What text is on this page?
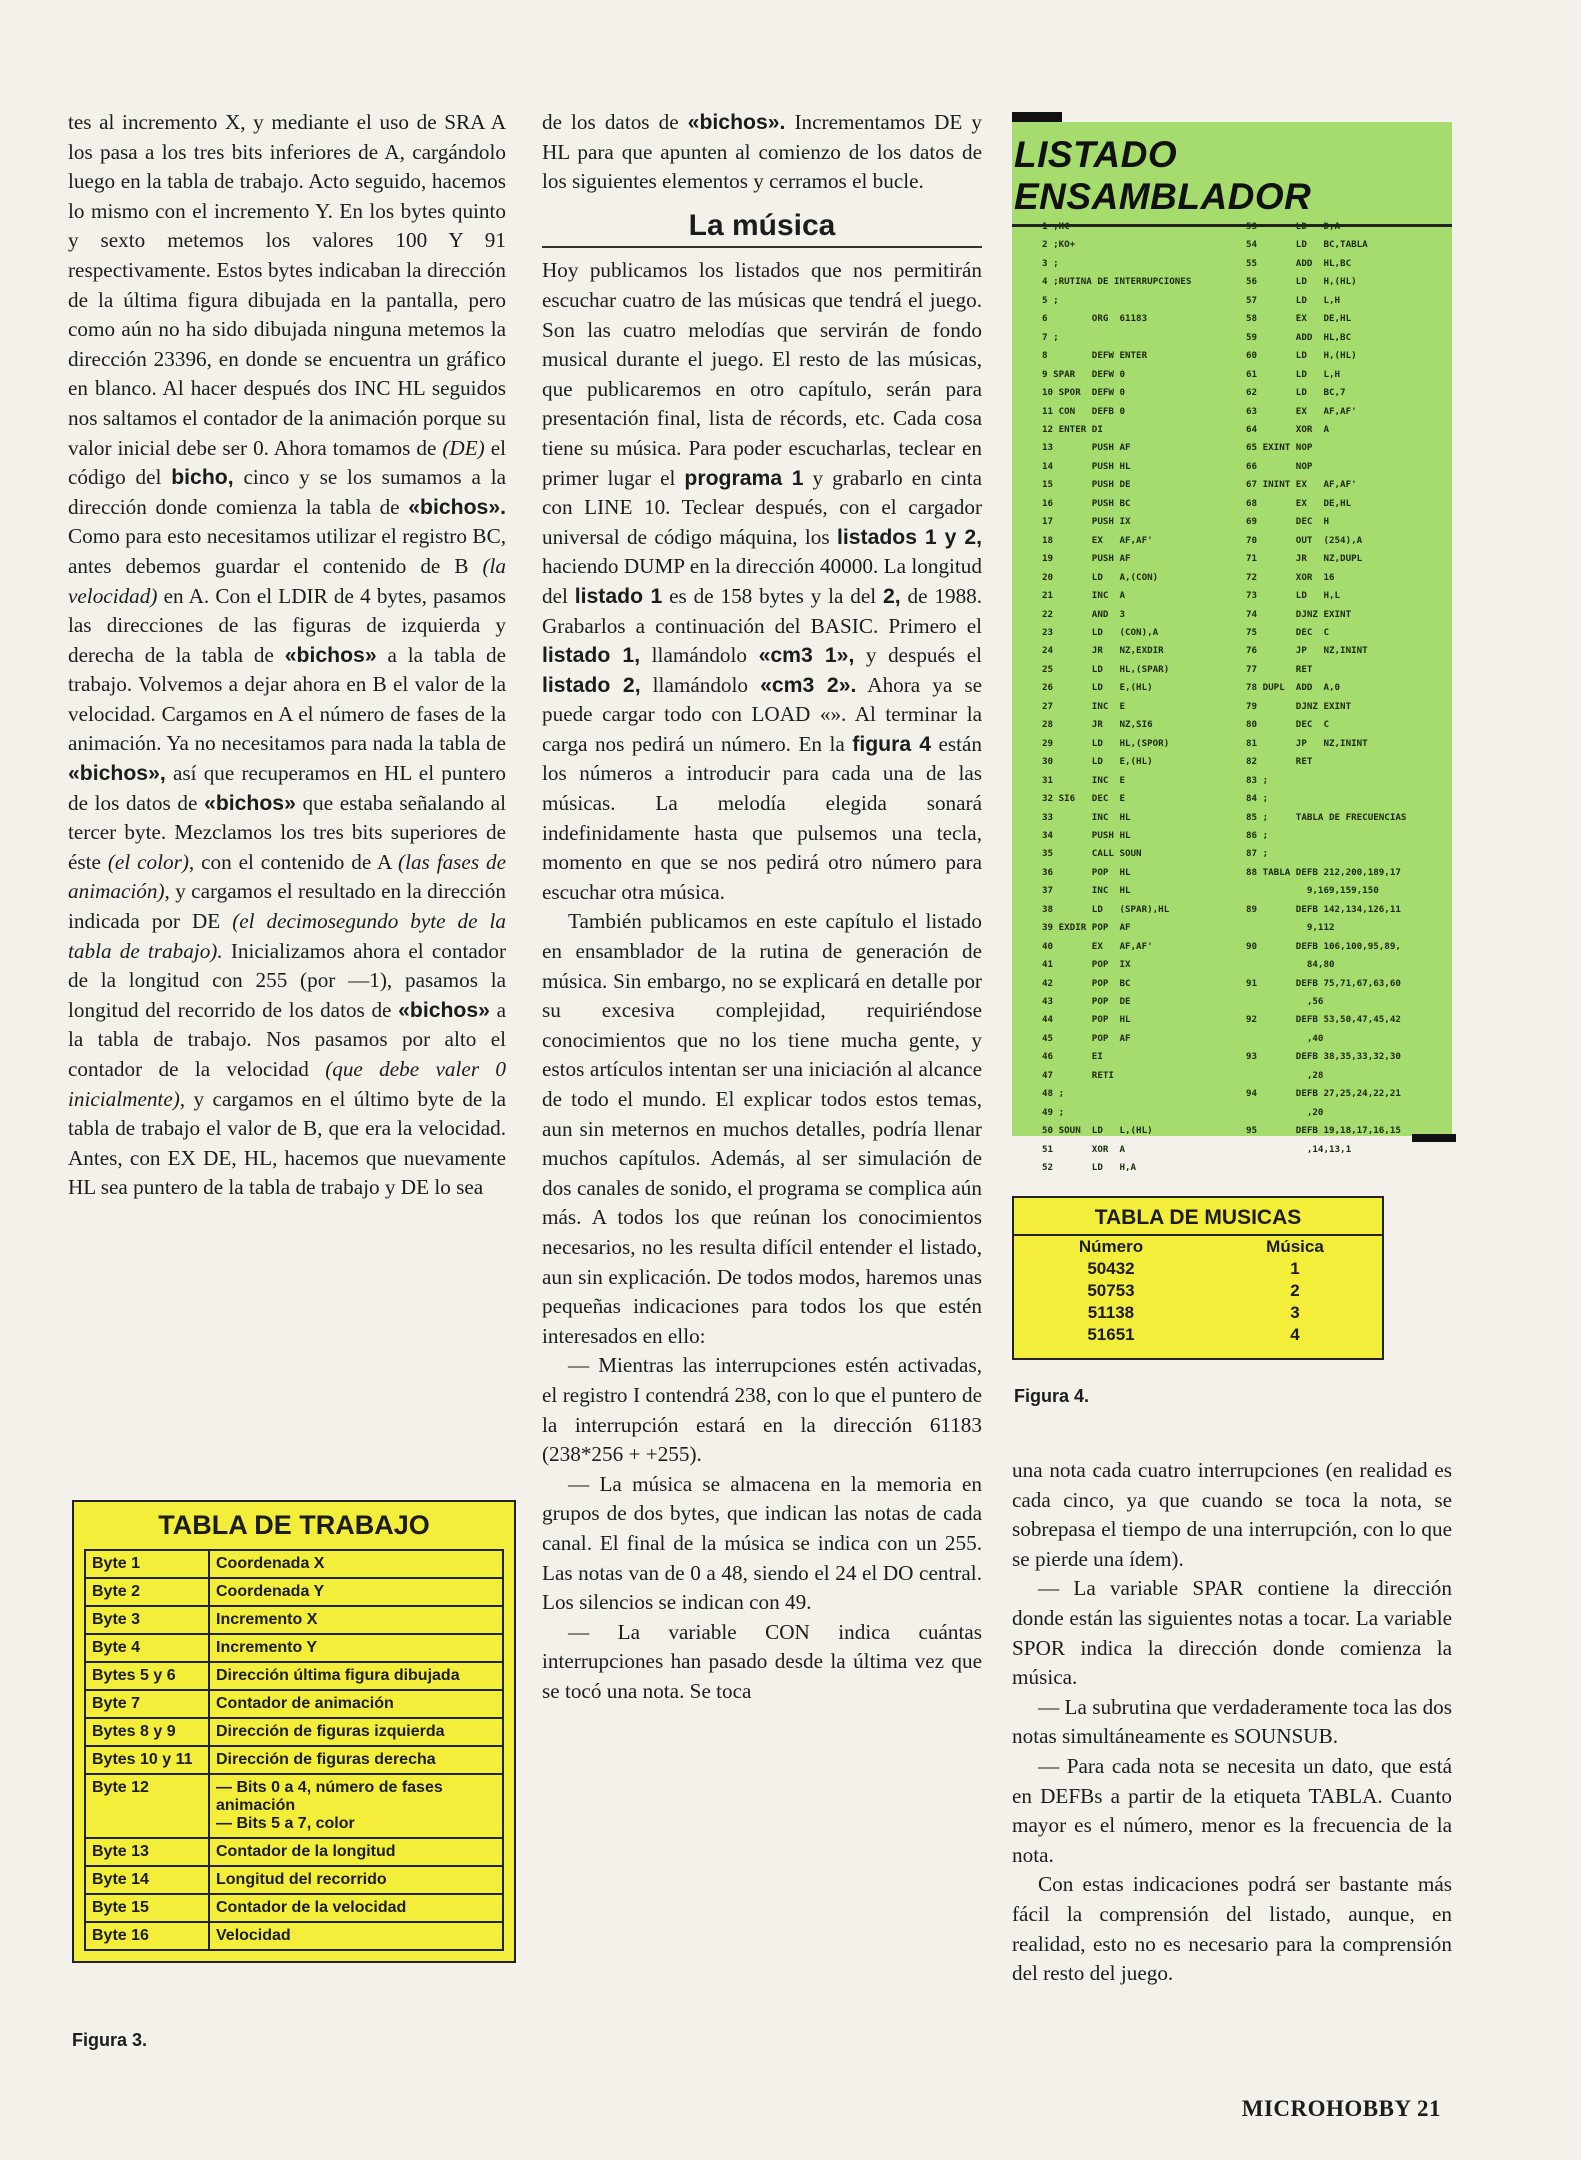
tes al incremento X, y mediante el uso de SRA A los pasa a los tres bits inferiores de A, cargándolo luego en la tabla de trabajo. Acto seguido, hacemos lo mismo con el incremento Y. En los bytes quinto y sexto metemos los valores 100 Y 91 respectivamente. Estos bytes indicaban la dirección de la última figura dibujada en la pantalla, pero como aún no ha sido dibujada ninguna metemos la dirección 23396, en donde se encuentra un gráfico en blanco. Al hacer después dos INC HL seguidos nos saltamos el contador de la animación porque su valor inicial debe ser 0. Ahora tomamos de (DE) el código del bicho, cinco y se los sumamos a la dirección donde comienza la tabla de «bichos». Como para esto necesitamos utilizar el registro BC, antes debemos guardar el contenido de B (la velocidad) en A. Con el LDIR de 4 bytes, pasamos las direcciones de las figuras de izquierda y derecha de la tabla de «bichos» a la tabla de trabajo. Volvemos a dejar ahora en B el valor de la velocidad. Cargamos en A el número de fases de la animación. Ya no necesitamos para nada la tabla de «bichos», así que recuperamos en HL el puntero de los datos de «bichos» que estaba señalando al tercer byte. Mezclamos los tres bits superiores de éste (el color), con el contenido de A (las fases de animación), y cargamos el resultado en la dirección indicada por DE (el decimosegundo byte de la tabla de trabajo). Inicializamos ahora el contador de la longitud con 255 (por —1), pasamos la longitud del recorrido de los datos de «bichos» a la tabla de trabajo. Nos pasamos por alto el contador de la velocidad (que debe valer 0 inicialmente), y cargamos en el último byte de la tabla de trabajo el valor de B, que era la velocidad. Antes, con EX DE, HL, hacemos que nuevamente HL sea puntero de la tabla de trabajo y DE lo sea

TABLA DE TRABAJO
Byte 1	Coordenada X
Byte 2	Coordenada Y
Byte 3	Incremento X
Byte 4	Incremento Y
Bytes 5 y 6	Dirección última figura dibujada
Byte 7	Contador de animación
Bytes 8 y 9	Dirección de figuras izquierda
Bytes 10 y 11	Dirección de figuras derecha
Byte 12	— Bits 0 a 4, número de fases animación
— Bits 5 a 7, color
Byte 13	Contador de la longitud
Byte 14	Longitud del recorrido
Byte 15	Contador de la velocidad
Byte 16	Velocidad
Figura 3.

de los datos de «bichos». Incrementamos DE y HL para que apunten al comienzo de los datos de los siguientes elementos y cerramos el bucle.

La música

Hoy publicamos los listados que nos permitirán escuchar cuatro de las músicas que tendrá el juego. Son las cuatro melodías que servirán de fondo musical durante el juego. El resto de las músicas, que publicaremos en otro capítulo, serán para presentación final, lista de récords, etc. Cada cosa tiene su música. Para poder escucharlas, teclear en primer lugar el programa 1 y grabarlo en cinta con LINE 10. Teclear después, con el cargador universal de código máquina, los listados 1 y 2, haciendo DUMP en la dirección 40000. La longitud del listado 1 es de 158 bytes y la del 2, de 1988. Grabarlos a continuación del BASIC. Primero el listado 1, llamándolo «cm3 1», y después el listado 2, llamándolo «cm3 2». Ahora ya se puede cargar todo con LOAD «». Al terminar la carga nos pedirá un número. En la figura 4 están los números a introducir para cada una de las músicas. La melodía elegida sonará indefinidamente hasta que pulsemos una tecla, momento en que se nos pedirá otro número para escuchar otra música.

También publicamos en este capítulo el listado en ensamblador de la rutina de generación de música. Sin embargo, no se explicará en detalle por su excesiva complejidad, requiriéndose conocimientos que no los tiene mucha gente, y estos artículos intentan ser una iniciación al alcance de todo el mundo. El explicar todos estos temas, aun sin meternos en muchos detalles, podría llenar muchos capítulos. Además, al ser simulación de dos canales de sonido, el programa se complica aún más. A todos los que reúnan los conocimientos necesarios, no les resulta difícil entender el listado, aun sin explicación. De todos modos, haremos unas pequeñas indicaciones para todos los que estén interesados en ello:

— Mientras las interrupciones estén activadas, el registro I contendrá 238, con lo que el puntero de la interrupción estará en la dirección 61183 (238*256 + +255).

— La música se almacena en la memoria en grupos de dos bytes, que indican las notas de cada canal. El final de la música se indica con un 255. Las notas van de 0 a 48, siendo el 24 el DO central. Los silencios se indican con 49.

— La variable CON indica cuántas interrupciones han pasado desde la última vez que se tocó una nota. Se toca

LISTADO ENSAMBLADOR
1 ;KC-
2 ;KO+
3 ;
4 ;RUTINA DE INTERRUPCIONES
5 ;
6        ORG  61183
7 ;
8        DEFW ENTER
9 SPAR   DEFW 0
10 SPOR  DEFW 0
11 CON   DEFB 0
12 ENTER DI
13       PUSH AF
14       PUSH HL
15       PUSH DE
16       PUSH BC
17       PUSH IX
18       EX   AF,AF'
19       PUSH AF
20       LD   A,(CON)
21       INC  A
22       AND  3
23       LD   (CON),A
24       JR   NZ,EXDIR
25       LD   HL,(SPAR)
26       LD   E,(HL)
27       INC  E
28       JR   NZ,SI6
29       LD   HL,(SPOR)
30       LD   E,(HL)
31       INC  E
32 SI6   DEC  E
33       INC  HL
34       PUSH HL
35       CALL SOUN
36       POP  HL
37       INC  HL
38       LD   (SPAR),HL
39 EXDIR POP  AF
40       EX   AF,AF'
41       POP  IX
42       POP  BC
43       POP  DE
44       POP  HL
45       POP  AF
46       EI
47       RETI
48 ;
49 ;
50 SOUN  LD   L,(HL)
51       XOR  A
52       LD   H,A
53       LD   D,A
54       LD   BC,TABLA
55       ADD  HL,BC
56       LD   H,(HL)
57       LD   L,H
58       EX   DE,HL
59       ADD  HL,BC
60       LD   H,(HL)
61       LD   L,H
62       LD   BC,7
63       EX   AF,AF'
64       XOR  A
65 EXINT NOP
66       NOP
67 ININT EX   AF,AF'
68       EX   DE,HL
69       DEC  H
70       OUT  (254),A
71       JR   NZ,DUPL
72       XOR  16
73       LD   H,L
74       DJNZ EXINT
75       DEC  C
76       JP   NZ,ININT
77       RET
78 DUPL  ADD  A,0
79       DJNZ EXINT
80       DEC  C
81       JP   NZ,ININT
82       RET
83 ;
84 ;
85 ;     TABLA DE FRECUENCIAS
86 ;
87 ;
88 TABLA DEFB 212,200,189,17
9,169,159,150
89       DEFB 142,134,126,11
9,112
90       DEFB 106,100,95,89,
84,80
91       DEFB 75,71,67,63,60
,56
92       DEFB 53,50,47,45,42
,40
93       DEFB 38,35,33,32,30
,28
94       DEFB 27,25,24,22,21
,20
95       DEFB 19,18,17,16,15
,14,13,1
TABLA DE MUSICAS
Número	Música
50432	1
50753	2
51138	3
51651	4
Figura 4.

una nota cada cuatro interrupciones (en realidad es cada cinco, ya que cuando se toca la nota, se sobrepasa el tiempo de una interrupción, con lo que se pierde una ídem).

— La variable SPAR contiene la dirección donde están las siguientes notas a tocar. La variable SPOR indica la dirección donde comienza la música.

— La subrutina que verdaderamente toca las dos notas simultáneamente es SOUNSUB.

— Para cada nota se necesita un dato, que está en DEFBs a partir de la etiqueta TABLA. Cuanto mayor es el número, menor es la frecuencia de la nota.

Con estas indicaciones podrá ser bastante más fácil la comprensión del listado, aunque, en realidad, esto no es necesario para la comprensión del resto del juego.

MICROHOBBY 21
